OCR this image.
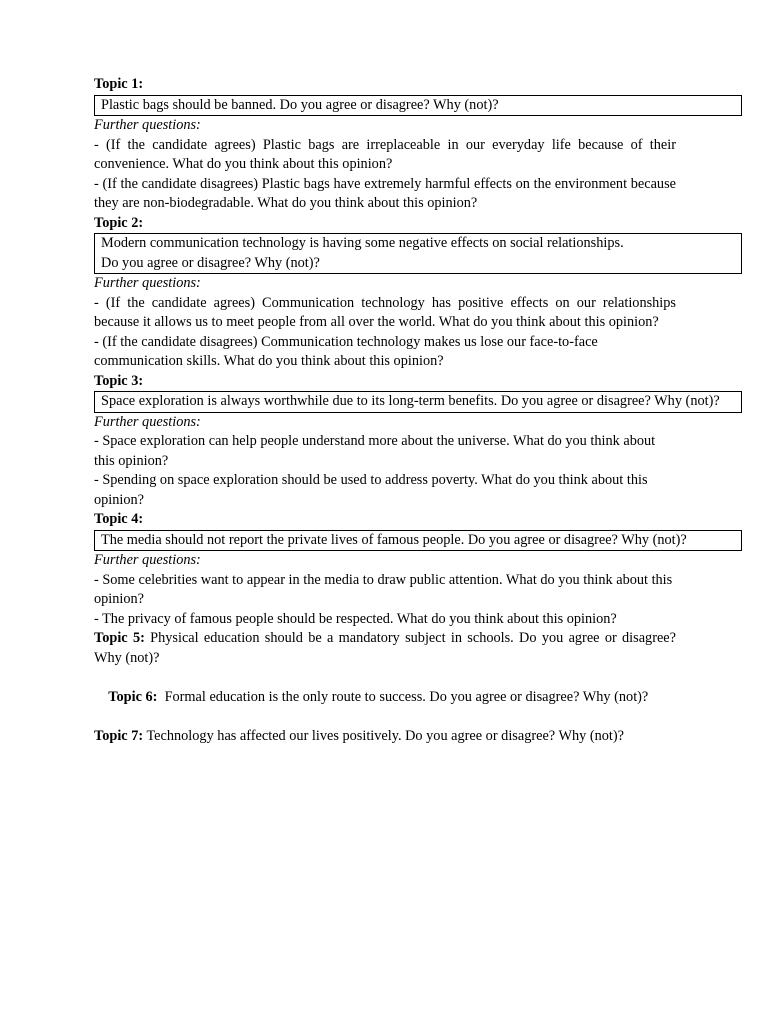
Topic 1:
Plastic bags should be banned. Do you agree or disagree? Why (not)?
Further questions:
- (If the candidate agrees) Plastic bags are irreplaceable in our everyday life because of their convenience. What do you think about this opinion?
- (If the candidate disagrees) Plastic bags have extremely harmful effects on the environment because they are non-biodegradable. What do you think about this opinion?
Topic 2:
Modern communication technology is having some negative effects on social relationships.
Do you agree or disagree? Why (not)?
Further questions:
- (If the candidate agrees) Communication technology has positive effects on our relationships because it allows us to meet people from all over the world. What do you think about this opinion?
- (If the candidate disagrees) Communication technology makes us lose our face-to-face communication skills. What do you think about this opinion?
Topic 3:
Space exploration is always worthwhile due to its long-term benefits. Do you agree or disagree? Why (not)?
Further questions:
- Space exploration can help people understand more about the universe. What do you think about this opinion?
- Spending on space exploration should be used to address poverty. What do you think about this opinion?
Topic 4:
The media should not report the private lives of famous people. Do you agree or disagree? Why (not)?
Further questions:
- Some celebrities want to appear in the media to draw public attention. What do you think about this opinion?
- The privacy of famous people should be respected. What do you think about this opinion?
Topic 5: Physical education should be a mandatory subject in schools. Do you agree or disagree? Why (not)?

Topic 6:  Formal education is the only route to success. Do you agree or disagree? Why (not)?

Topic 7: Technology has affected our lives positively. Do you agree or disagree? Why (not)?
